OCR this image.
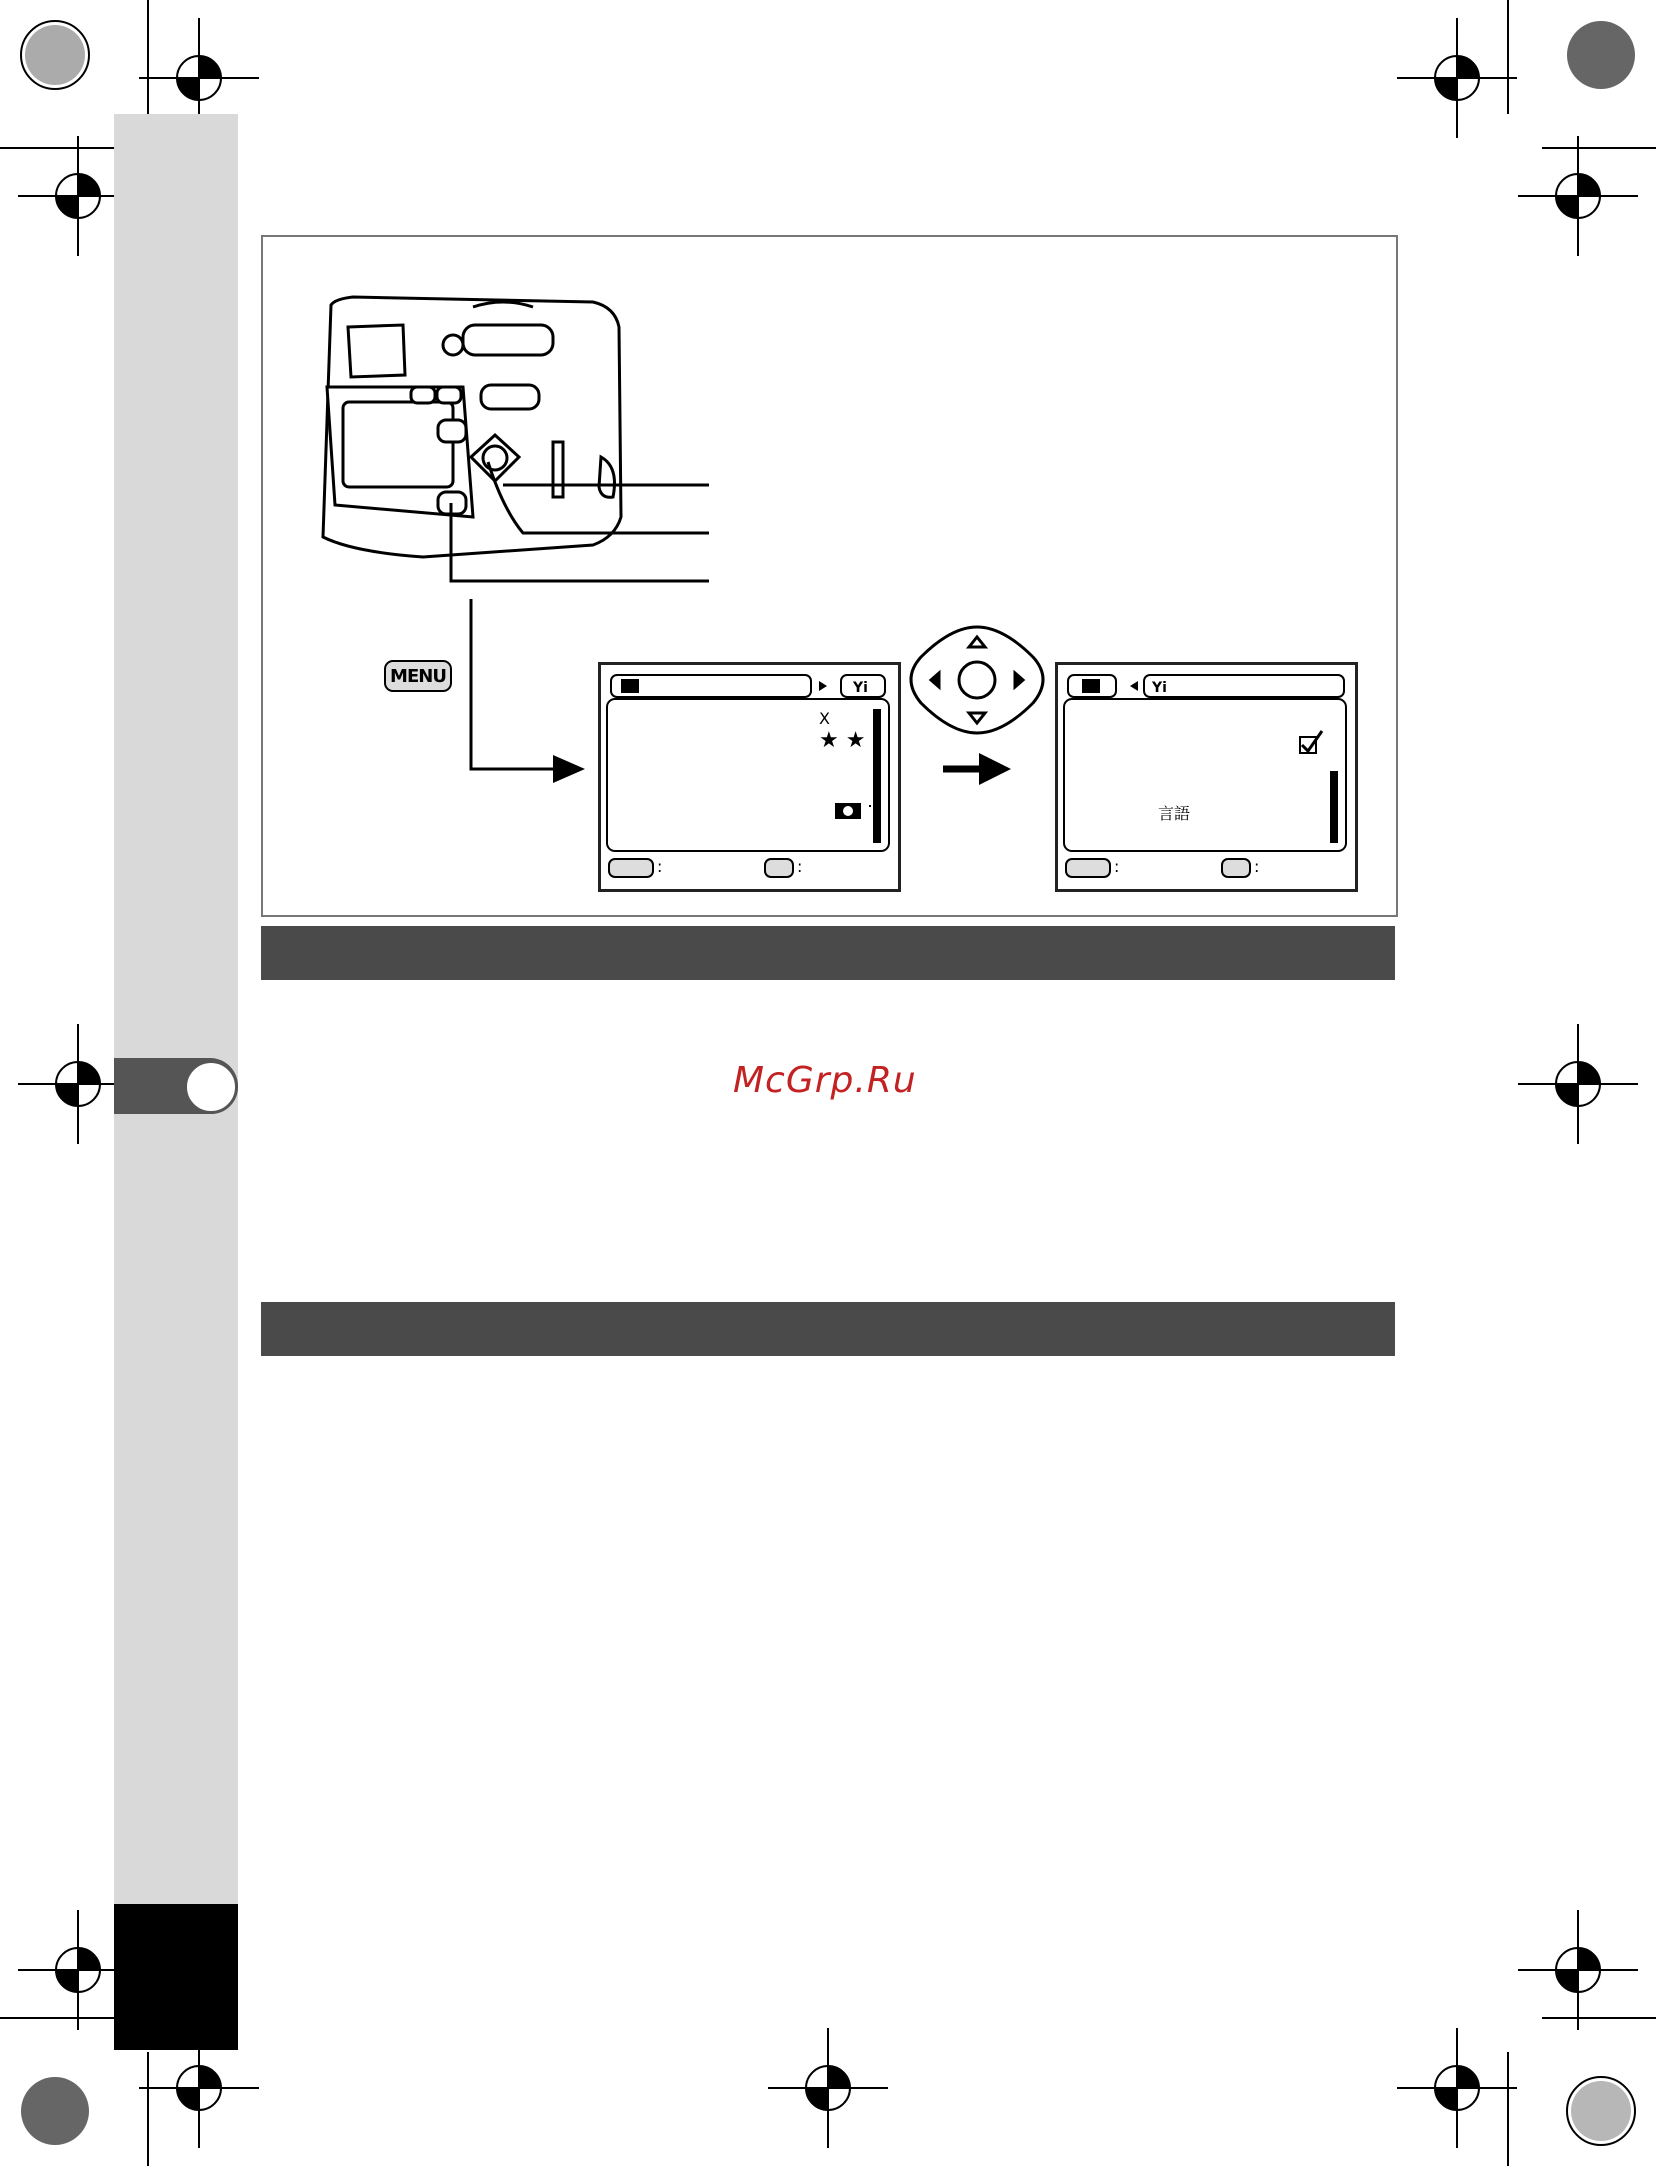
MENU
Yi
X
★ ★
:	:
Yi
言語
:	:
McGrp.Ru
